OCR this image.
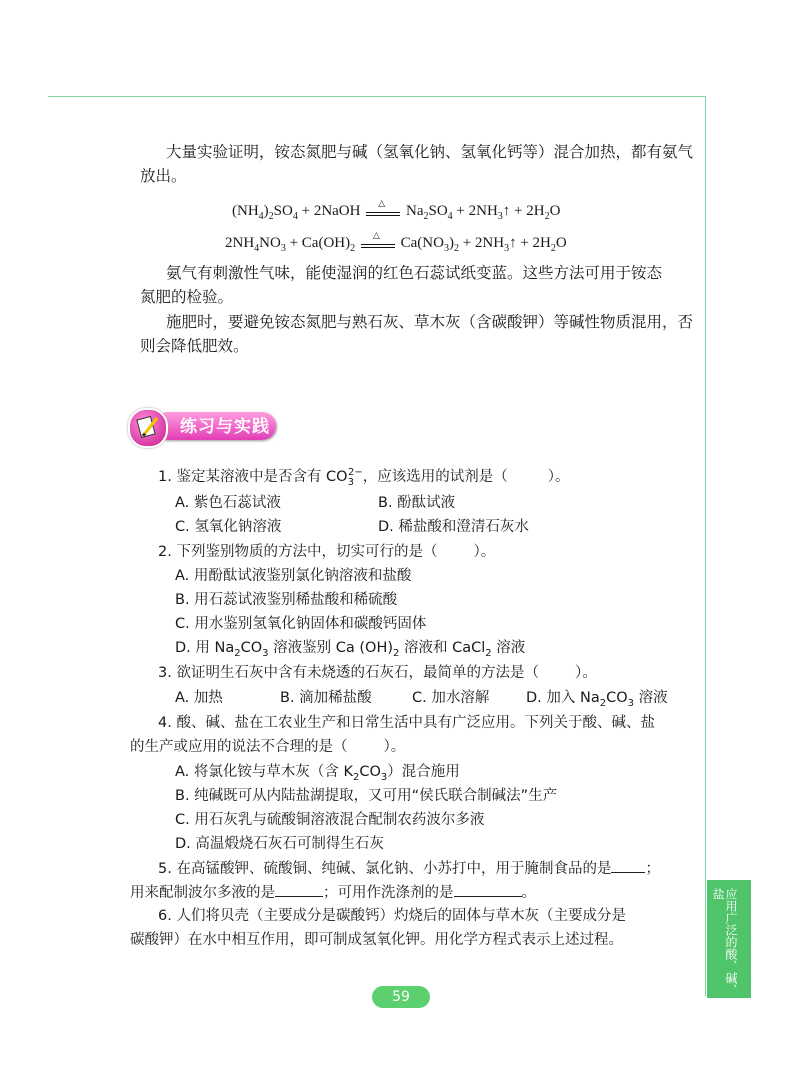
大量实验证明，铵态氮肥与碱（氢氧化钠、氢氧化钙等）混合加热，都有氨气
放出。
$(NH_4)_2SO_4$ + 2NaOH
△
$Na_2SO_4$ + $2NH_3↑ + 2H_2O$
$2NH_4NO_3 + Ca(OH)_2$
△
$Ca(NO_3)_2$ + $2NH_3↑ + 2H_2O$
氨气有刺激性气味，能使湿润的红色石蕊试纸变蓝。这些方法可用于铵态
氮肥的检验。
施肥时，要避免铵态氮肥与熟石灰、草木灰（含碳酸钾）等碱性物质混用，否
则会降低肥效。
练习与实践
1. 鉴定某溶液中是否含有 $CO_3^{2-}$，应该选用的试剂是（	）。
A. 紫色石蕊试液	B. 酚酞试液
C. 氢氧化钠溶液	D. 稀盐酸和澄清石灰水
2. 下列鉴别物质的方法中，切实可行的是（ ）。
A. 用酚酞试液鉴别氯化钠溶液和盐酸
B. 用石蕊试液鉴别稀盐酸和稀硫酸
C. 用水鉴别氢氧化钠固体和碳酸钙固体
D. 用 $Na_2CO_3$ 溶液鉴别 Ca $(OH)_2$ 溶液和 CaCl$_2$ 溶液
3. 欲证明生石灰中含有未烧透的石灰石，最简单的方法是（ ）。
A. 加热	B. 滴加稀盐酸	C. 加水溶解	D. 加入 $Na_2CO_3$ 溶液
4. 酸、碱、盐在工农业生产和日常生活中具有广泛应用。下列关于酸、碱、盐
的生产或应用的说法不合理的是（ ）。
A. 将氯化铵与草木灰（含 $K_2CO_3$）混合施用
B. 纯碱既可从内陆盐湖提取，又可用“侯氏联合制碱法”生产
C. 用石灰乳与硫酸铜溶液混合配制农药波尔多液
D. 高温煅烧石灰石可制得生石灰
5. 在高锰酸钾、硫酸铜、纯碱、氯化钠、小苏打中，用于腌制食品的是 ；
用来配制波尔多液的是	；可用作洗涤剂的是	。
6. 人们将贝壳（主要成分是碳酸钙）灼烧后的固体与草木灰（主要成分是
碳酸钾）在水中相互作用，即可制成氢氧化钾。用化学方程式表示上述过程。	应用广泛的酸、碱、盐
59
